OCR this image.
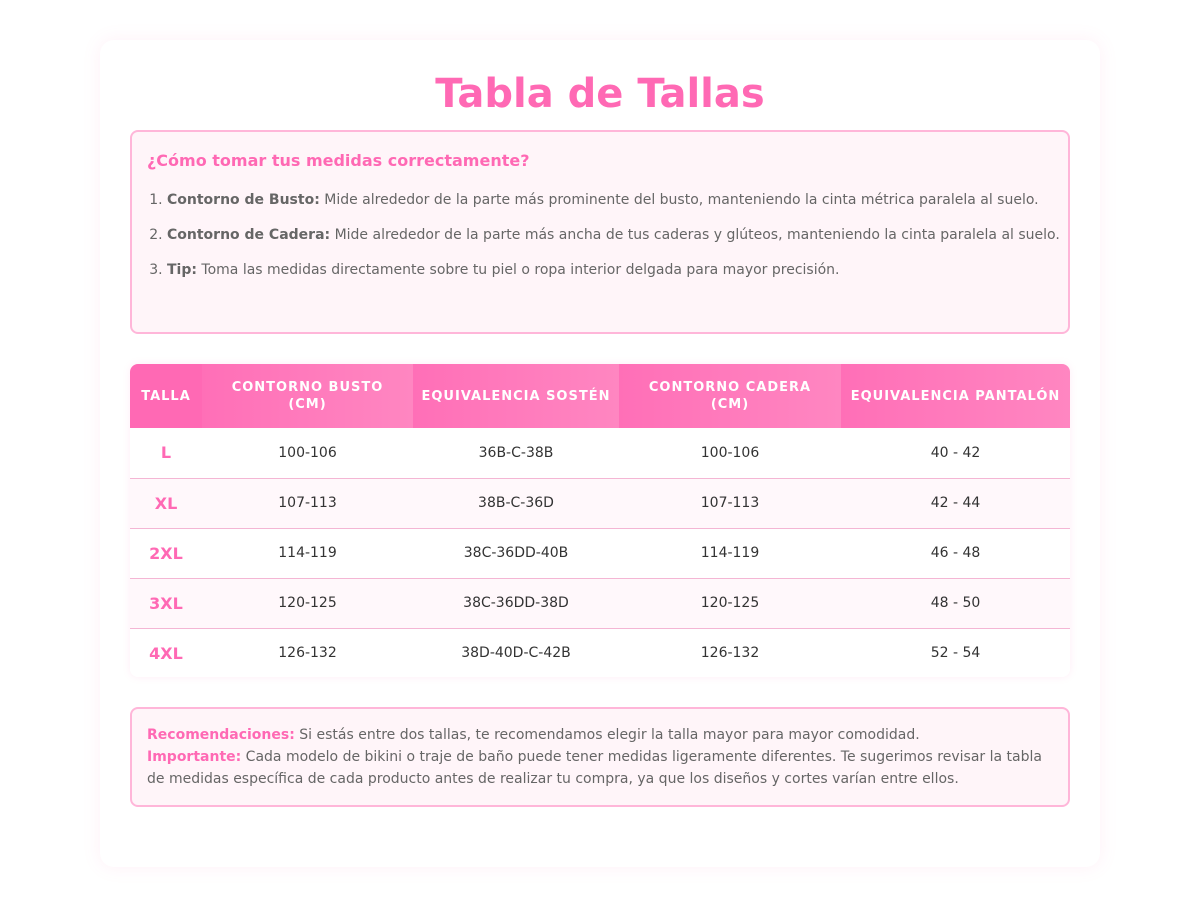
Tabla de Tallas
¿Cómo tomar tus medidas correctamente?
1. Contorno de Busto: Mide alrededor de la parte más prominente del busto, manteniendo la cinta métrica paralela al suelo.
2. Contorno de Cadera: Mide alrededor de la parte más ancha de tus caderas y glúteos, manteniendo la cinta paralela al suelo.
3. Tip: Toma las medidas directamente sobre tu piel o ropa interior delgada para mayor precisión.
TALLA	CONTORNO BUSTO (CM)	EQUIVALENCIA SOSTÉN	CONTORNO CADERA (CM)	EQUIVALENCIA PANTALÓN
L	100-106	36B-C-38B	100-106	40 - 42
XL	107-113	38B-C-36D	107-113	42 - 44
2XL	114-119	38C-36DD-40B	114-119	46 - 48
3XL	120-125	38C-36DD-38D	120-125	48 - 50
4XL	126-132	38D-40D-C-42B	126-132	52 - 54

Recomendaciones: Si estás entre dos tallas, te recomendamos elegir la talla mayor para mayor comodidad.

Importante: Cada modelo de bikini o traje de baño puede tener medidas ligeramente diferentes. Te sugerimos revisar la tabla de medidas específica de cada producto antes de realizar tu compra, ya que los diseños y cortes varían entre ellos.
